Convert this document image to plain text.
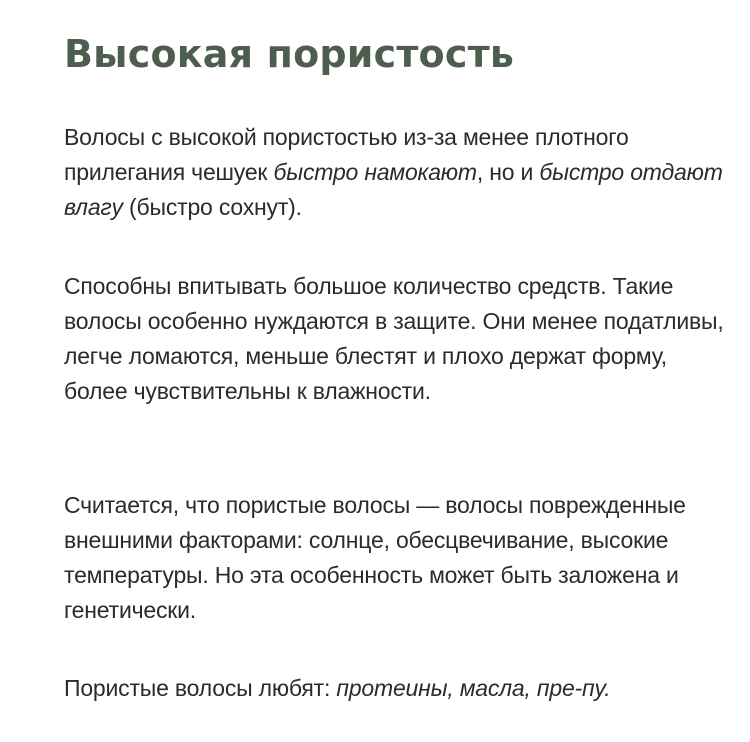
Высокая пористость

Волосы с высокой пористостью из-за менее плотного прилегания чешуек быстро намокают, но и быстро отдают влагу (быстро сохнут).

Способны впитывать большое количество средств. Такие волосы особенно нуждаются в защите. Они менее податливы, легче ломаются, меньше блестят и плохо держат форму, более чувствительны к влажности.

Считается, что пористые волосы — волосы поврежденные внешними факторами: солнце, обесцвечивание, высокие температуры. Но эта особенность может быть заложена и генетически.

Пористые волосы любят: протеины, масла, пре-пу.
